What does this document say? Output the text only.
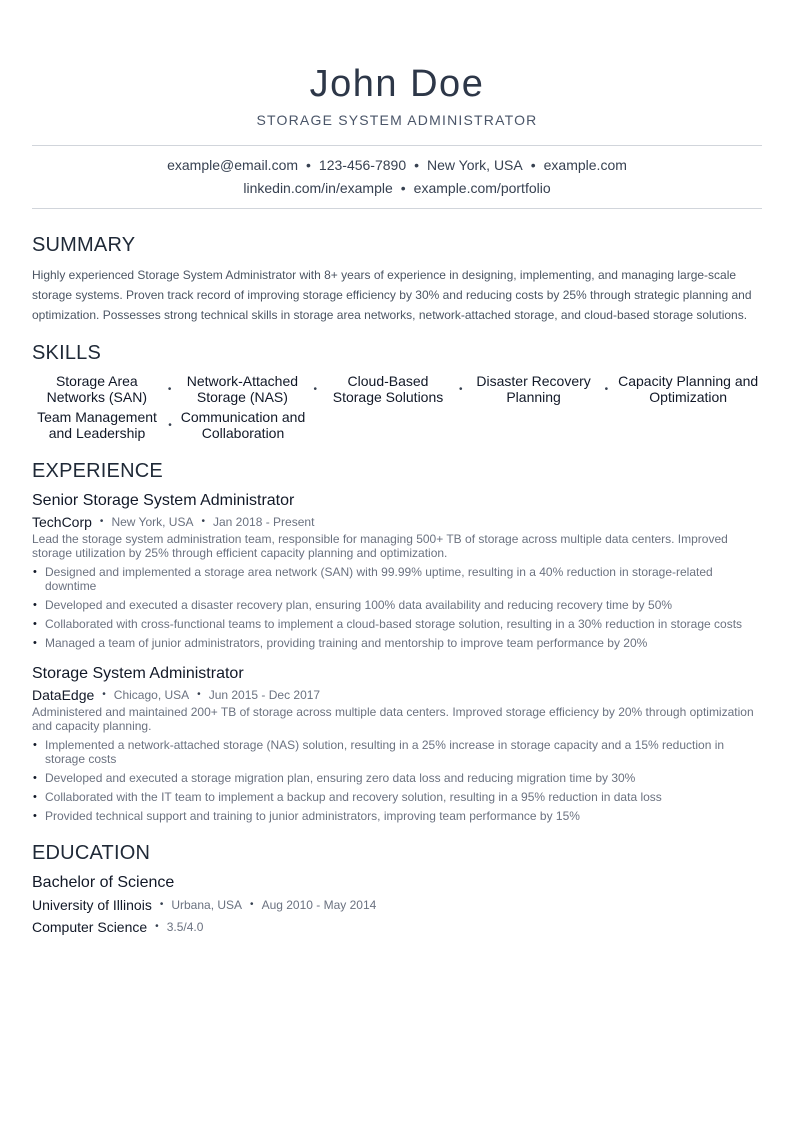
John Doe
STORAGE SYSTEM ADMINISTRATOR
example@email.com • 123-456-7890 • New York, USA • example.com
linkedin.com/in/example • example.com/portfolio
SUMMARY
Highly experienced Storage System Administrator with 8+ years of experience in designing, implementing, and managing large-scale storage systems. Proven track record of improving storage efficiency by 30% and reducing costs by 25% through strategic planning and optimization. Possesses strong technical skills in storage area networks, network-attached storage, and cloud-based storage solutions.
SKILLS
Storage Area Networks (SAN)	•	Network-Attached Storage (NAS)	•	Cloud-Based Storage Solutions	• Disaster Recovery Planning	• Capacity Planning and Optimization
Team Management and Leadership	• Communication and Collaboration
EXPERIENCE
Senior Storage System Administrator
TechCorp • New York, USA • Jan 2018 - Present
Lead the storage system administration team, responsible for managing 500+ TB of storage across multiple data centers. Improved storage utilization by 25% through efficient capacity planning and optimization.
• Designed and implemented a storage area network (SAN) with 99.99% uptime, resulting in a 40% reduction in storage-related downtime
• Developed and executed a disaster recovery plan, ensuring 100% data availability and reducing recovery time by 50%
• Collaborated with cross-functional teams to implement a cloud-based storage solution, resulting in a 30% reduction in storage costs
• Managed a team of junior administrators, providing training and mentorship to improve team performance by 20%
Storage System Administrator
DataEdge • Chicago, USA • Jun 2015 - Dec 2017
Administered and maintained 200+ TB of storage across multiple data centers. Improved storage efficiency by 20% through optimization and capacity planning.
• Implemented a network-attached storage (NAS) solution, resulting in a 25% increase in storage capacity and a 15% reduction in storage costs
• Developed and executed a storage migration plan, ensuring zero data loss and reducing migration time by 30%
• Collaborated with the IT team to implement a backup and recovery solution, resulting in a 95% reduction in data loss
• Provided technical support and training to junior administrators, improving team performance by 15%
EDUCATION
Bachelor of Science
University of Illinois • Urbana, USA • Aug 2010 - May 2014
Computer Science • 3.5/4.0
